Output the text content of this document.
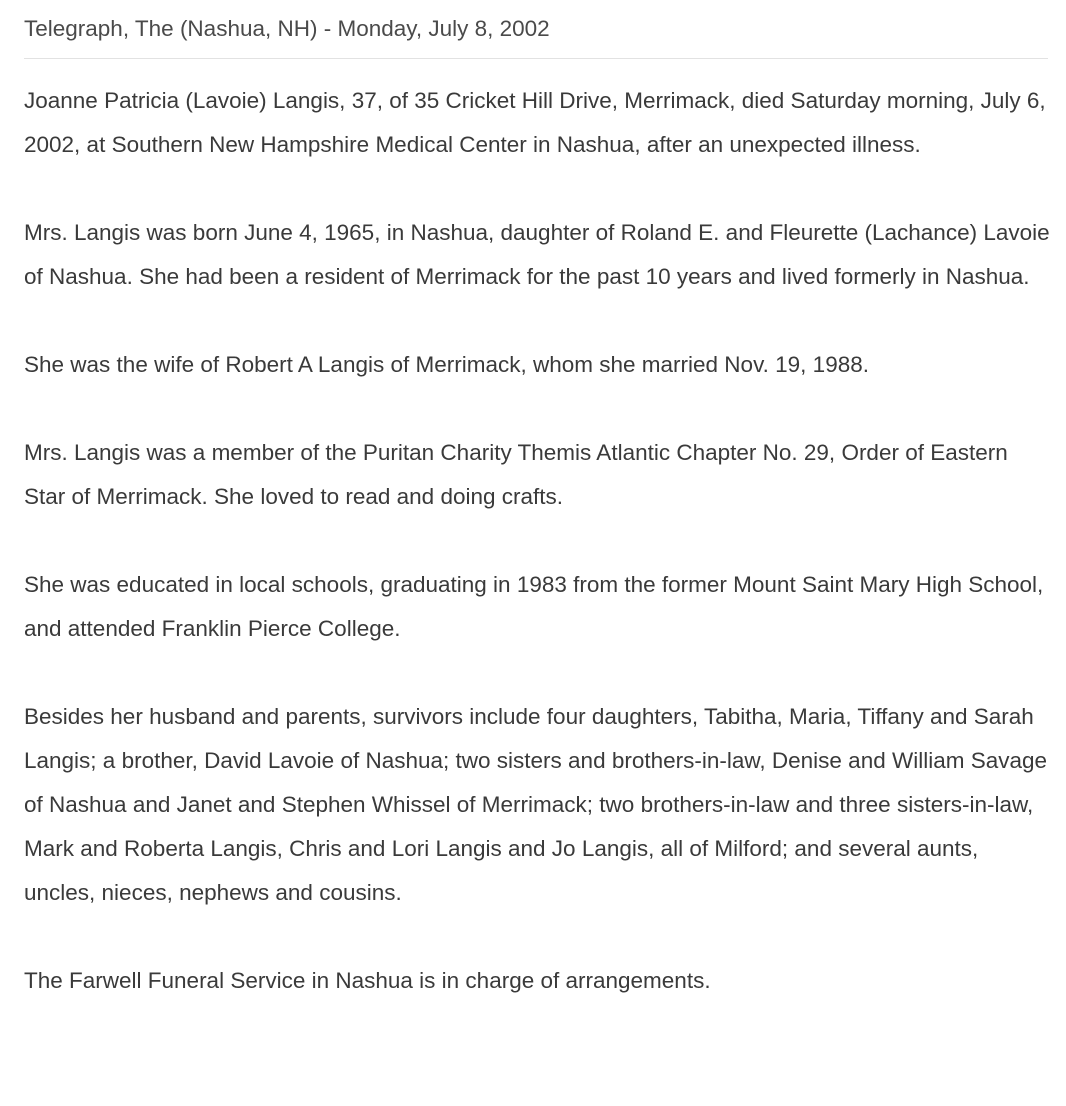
Telegraph, The (Nashua, NH) - Monday, July 8, 2002

Joanne Patricia (Lavoie) Langis, 37, of 35 Cricket Hill Drive, Merrimack, died Saturday morning, July 6, 2002, at Southern New Hampshire Medical Center in Nashua, after an unexpected illness.

Mrs. Langis was born June 4, 1965, in Nashua, daughter of Roland E. and Fleurette (Lachance) Lavoie of Nashua. She had been a resident of Merrimack for the past 10 years and lived formerly in Nashua.

She was the wife of Robert A Langis of Merrimack, whom she married Nov. 19, 1988.

Mrs. Langis was a member of the Puritan Charity Themis Atlantic Chapter No. 29, Order of Eastern Star of Merrimack. She loved to read and doing crafts.

She was educated in local schools, graduating in 1983 from the former Mount Saint Mary High School, and attended Franklin Pierce College.

Besides her husband and parents, survivors include four daughters, Tabitha, Maria, Tiffany and Sarah Langis; a brother, David Lavoie of Nashua; two sisters and brothers-in-law, Denise and William Savage of Nashua and Janet and Stephen Whissel of Merrimack; two brothers-in-law and three sisters-in-law, Mark and Roberta Langis, Chris and Lori Langis and Jo Langis, all of Milford; and several aunts, uncles, nieces, nephews and cousins.

The Farwell Funeral Service in Nashua is in charge of arrangements.
